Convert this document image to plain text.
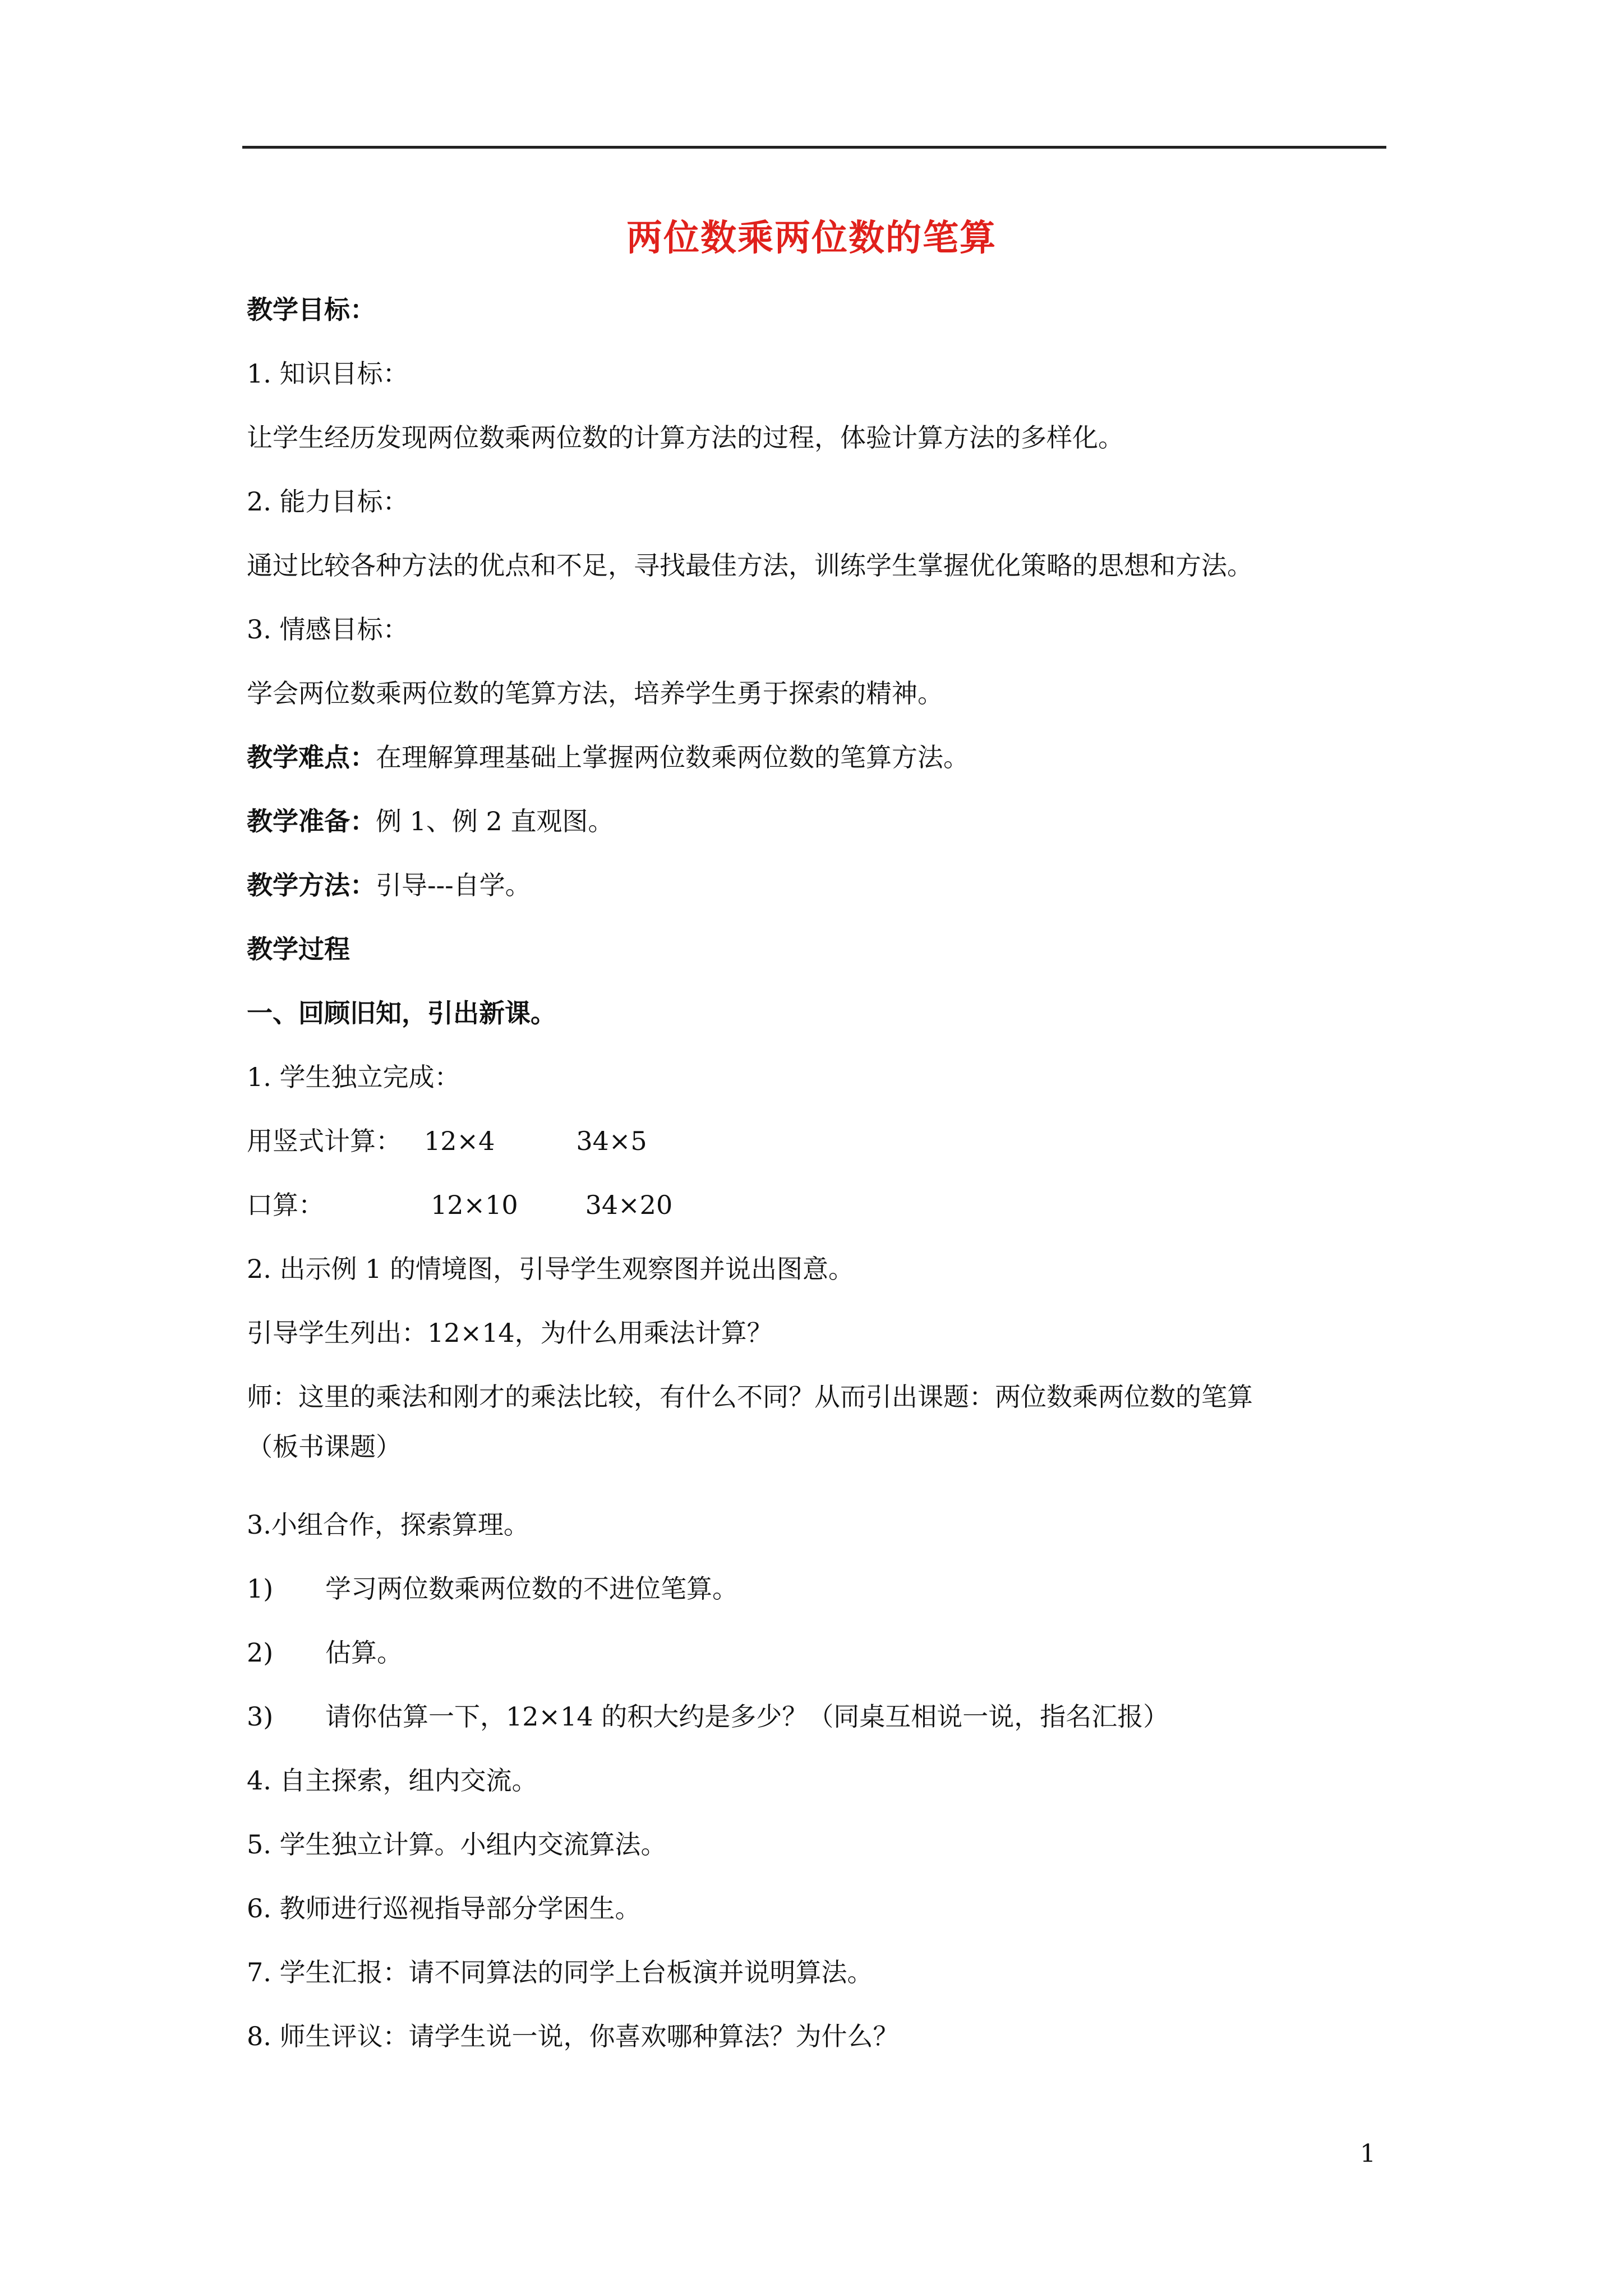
两位数乘两位数的笔算
教学目标：
1. 知识目标：
让学生经历发现两位数乘两位数的计算方法的过程，体验计算方法的多样化。
2. 能力目标：
通过比较各种方法的优点和不足，寻找最佳方法，训练学生掌握优化策略的思想和方法。
3. 情感目标：
学会两位数乘两位数的笔算方法，培养学生勇于探索的精神。
教学难点：在理解算理基础上掌握两位数乘两位数的笔算方法。
教学准备：例 1、例 2 直观图。
教学方法：引导---自学。
教学过程
一、回顾旧知，引出新课。
1. 学生独立完成：
用竖式计算： 12×4	34×5
口算：	12×10	34×20
2. 出示例 1 的情境图，引导学生观察图并说出图意。
引导学生列出：12×14，为什么用乘法计算？
师：这里的乘法和刚才的乘法比较，有什么不同？从而引出课题：两位数乘两位数的笔算
（板书课题）
3.小组合作，探索算理。
1) 学习两位数乘两位数的不进位笔算。
2) 估算。
3) 请你估算一下，12×14 的积大约是多少？（同桌互相说一说，指名汇报）
4. 自主探索，组内交流。
5. 学生独立计算。小组内交流算法。
6. 教师进行巡视指导部分学困生。
7. 学生汇报：请不同算法的同学上台板演并说明算法。
8. 师生评议：请学生说一说，你喜欢哪种算法？为什么？
1
